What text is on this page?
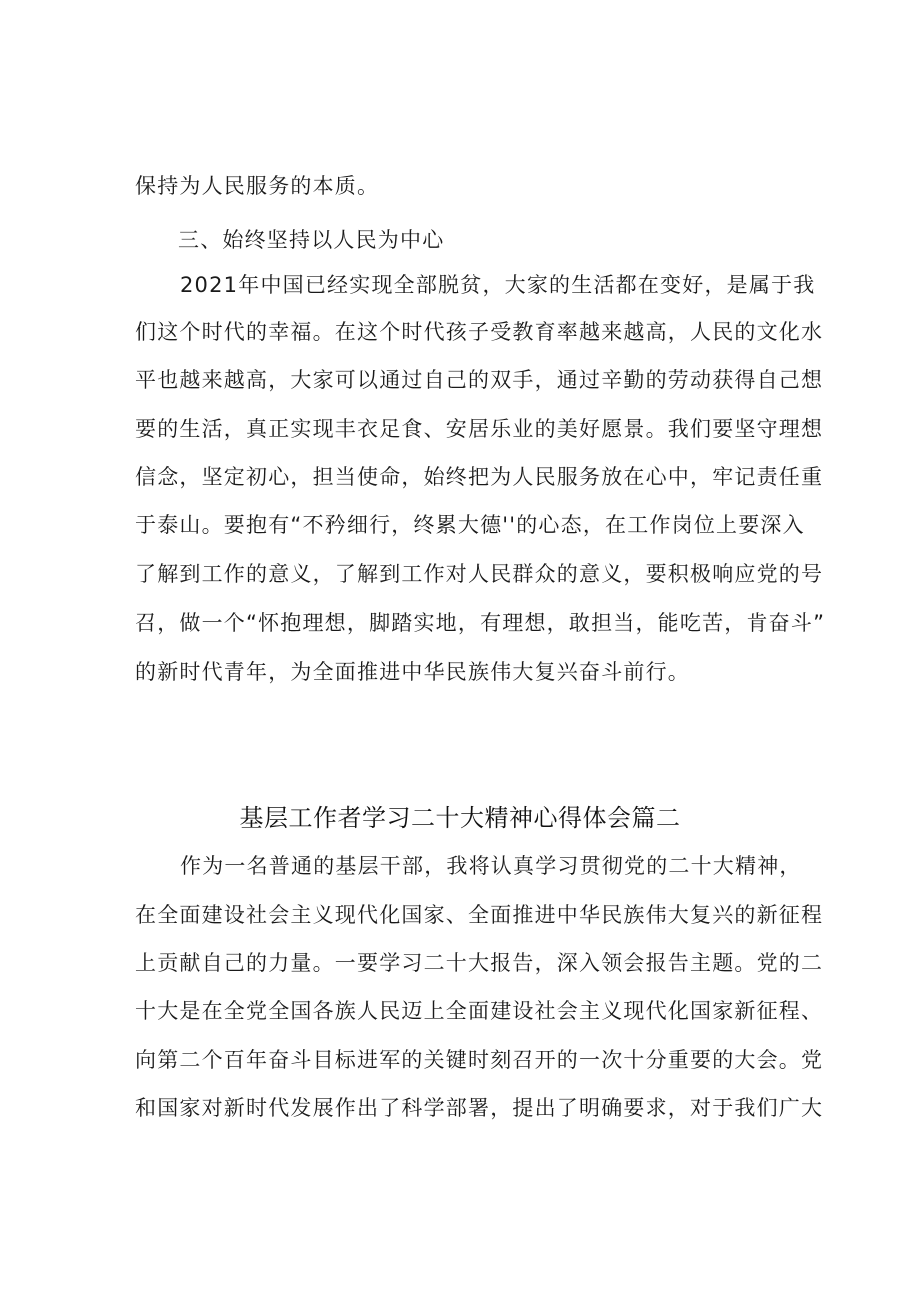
保持为人民服务的本质。
三、始终坚持以人民为中心
2021年中国已经实现全部脱贫，大家的生活都在变好，是属于我
们这个时代的幸福。在这个时代孩子受教育率越来越高，人民的文化水
平也越来越高，大家可以通过自己的双手，通过辛勤的劳动获得自己想
要的生活，真正实现丰衣足食、安居乐业的美好愿景。我们要坚守理想
信念，坚定初心，担当使命，始终把为人民服务放在心中，牢记责任重
于泰山。要抱有“不矜细行，终累大德''的心态，在工作岗位上要深入
了解到工作的意义，了解到工作对人民群众的意义，要积极响应党的号
召，做一个“怀抱理想，脚踏实地，有理想，敢担当，能吃苦，肯奋斗”
的新时代青年，为全面推进中华民族伟大复兴奋斗前行。
基层工作者学习二十大精神心得体会篇二
作为一名普通的基层干部，我将认真学习贯彻党的二十大精神，
在全面建设社会主义现代化国家、全面推进中华民族伟大复兴的新征程
上贡献自己的力量。一要学习二十大报告，深入领会报告主题。党的二
十大是在全党全国各族人民迈上全面建设社会主义现代化国家新征程、
向第二个百年奋斗目标进军的关键时刻召开的一次十分重要的大会。党
和国家对新时代发展作出了科学部署，提出了明确要求，对于我们广大
